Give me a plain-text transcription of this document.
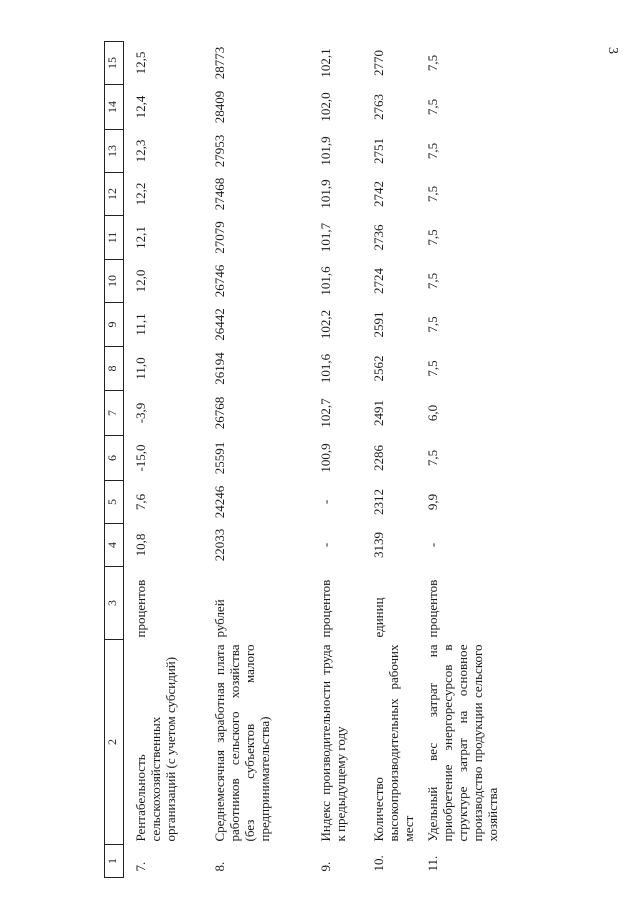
3
1	2	3	4	5	6	7	8	9	10	11	12	13	14	15
7.	Рентабельность сельскохозяйственных организаций (с учетом субсидий)	процентов	10,8	7,6	-15,0	-3,9	11,0	11,1	12,0	12,1	12,2	12,3	12,4	12,5
8.	Среднемесячная заработная плата работников сельского хозяйства (без субъектов малого предпринимательства)	рублей	22033	24246	25591	26768	26194	26442	26746	27079	27468	27953	28409	28773
9.	Индекс производительности труда к предыдущему году	процентов	-	-	100,9	102,7	101,6	102,2	101,6	101,7	101,9	101,9	102,0	102,1
10.	Количество высокопроизводительных рабочих мест	единиц	3139	2312	2286	2491	2562	2591	2724	2736	2742	2751	2763	2770
11.	Удельный вес затрат на приобретение энергоресурсов в структуре затрат на основное производство продукции сельского хозяйства	процентов	-	9,9	7,5	6,0	7,5	7,5	7,5	7,5	7,5	7,5	7,5	7,5
